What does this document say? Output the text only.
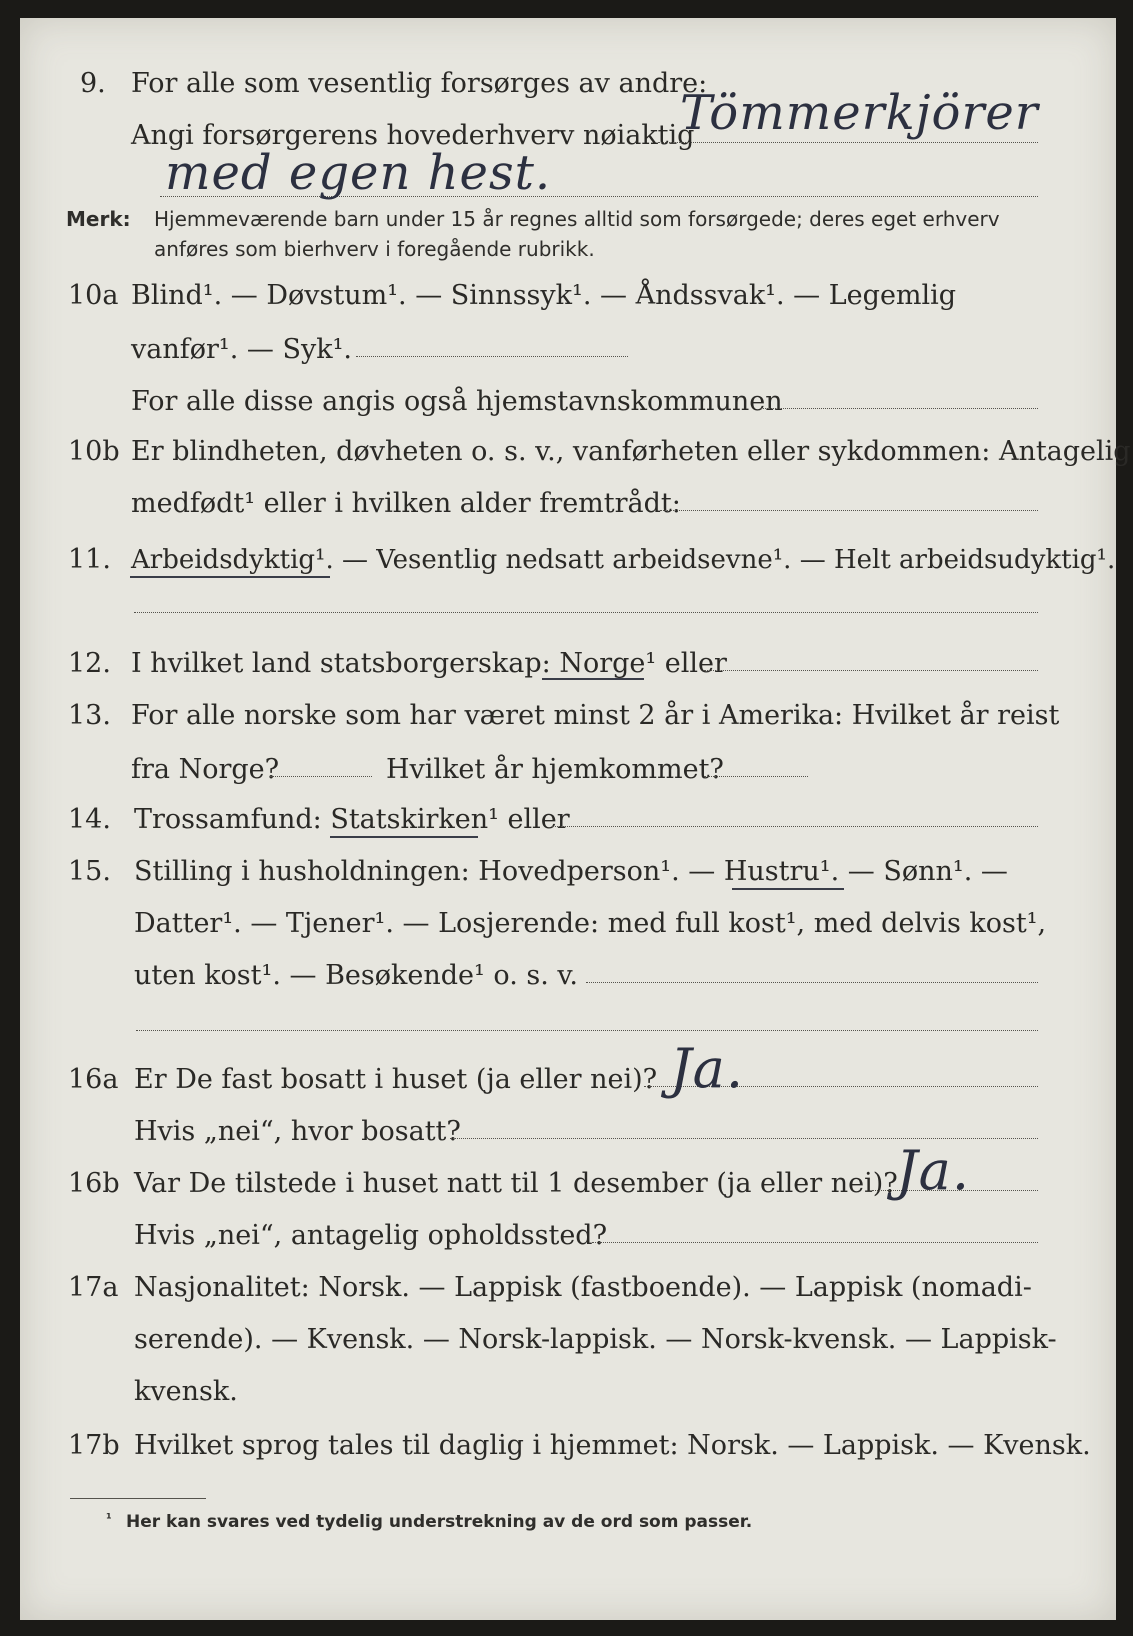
9. For alle som vesentlig forsørges av andre:
Angi forsørgerens hovederhverv nøiaktig
Tömmerkjörer
med egen hest.
Merk: Hjemmeværende barn under 15 år regnes alltid som forsørgede; deres eget erhverv
anføres som bierhverv i foregående rubrikk.
10a Blind¹. — Døvstum¹. — Sinnssyk¹. — Åndssvak¹. — Legemlig
vanfør¹. — Syk¹.
For alle disse angis også hjemstavnskommunen
10b Er blindheten, døvheten o. s. v., vanførheten eller sykdommen: Antagelig
medfødt¹ eller i hvilken alder fremtrådt:
11. Arbeidsdyktig¹. — Vesentlig nedsatt arbeidsevne¹. — Helt arbeidsudyktig¹.
12. I hvilket land statsborgerskap: Norge¹ eller
13. For alle norske som har været minst 2 år i Amerika: Hvilket år reist
fra Norge?	Hvilket år hjemkommet?
14. Trossamfund: Statskirken¹ eller
15. Stilling i husholdningen: Hovedperson¹. — Hustru¹. — Sønn¹. —
Datter¹. — Tjener¹. — Losjerende: med full kost¹, med delvis kost¹,
uten kost¹. — Besøkende¹ o. s. v.
16a Er De fast bosatt i huset (ja eller nei)? Ja.
Hvis „nei“, hvor bosatt?
16b Var De tilstede i huset natt til 1 desember (ja eller nei)?
Ja.
Hvis „nei“, antagelig opholdssted?
17a Nasjonalitet: Norsk. — Lappisk (fastboende). — Lappisk (nomadi-
serende). — Kvensk. — Norsk-lappisk. — Norsk-kvensk. — Lappisk-
kvensk.
17b Hvilket sprog tales til daglig i hjemmet: Norsk. — Lappisk. — Kvensk.
¹ Her kan svares ved tydelig understrekning av de ord som passer.
